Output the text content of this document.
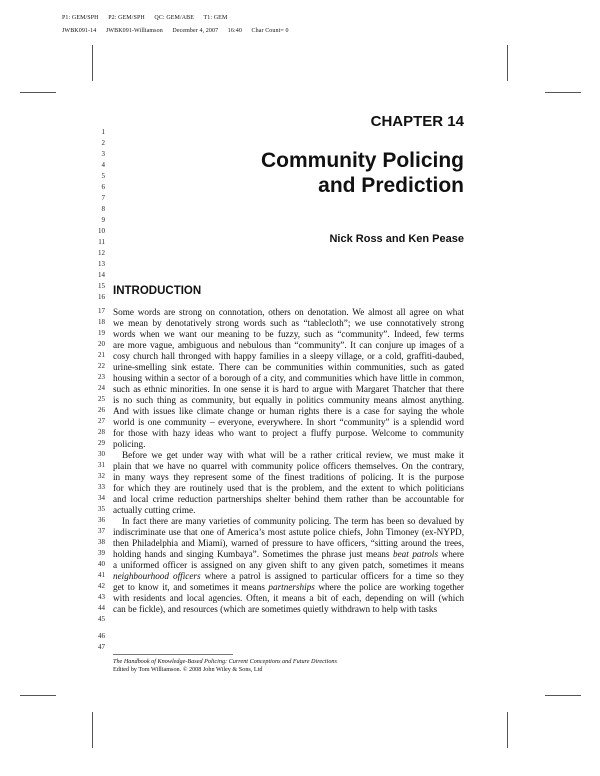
P1: GEM/SPH      P2: GEM/SPH      QC: GEM/ABE      T1: GEM
JWBK091-14      JWBK091-Williamson      December 4, 2007      16:40      Char Count= 0
1
2
3
4
5
6
7
8
9
10
11
12
13
14
15
16
17
18
19
20
21
22
23
24
25
26
27
28
29
30
31
32
33
34
35
36
37
38
39
40
41
42
43
44
45
46
47
CHAPTER 14
Community Policing
and Prediction
Nick Ross and Ken Pease
INTRODUCTION
Some words are strong on connotation, others on denotation. We almost all agree on what
we mean by denotatively strong words such as “tablecloth”; we use connotatively strong
words when we want our meaning to be fuzzy, such as “community”. Indeed, few terms
are more vague, ambiguous and nebulous than “community”. It can conjure up images of a
cosy church hall thronged with happy families in a sleepy village, or a cold, graffiti-daubed,
urine-smelling sink estate. There can be communities within communities, such as gated
housing within a sector of a borough of a city, and communities which have little in common,
such as ethnic minorities. In one sense it is hard to argue with Margaret Thatcher that there
is no such thing as community, but equally in politics community means almost anything.
And with issues like climate change or human rights there is a case for saying the whole
world is one community – everyone, everywhere. In short “community” is a splendid word
for those with hazy ideas who want to project a fluffy purpose. Welcome to community
policing.
Before we get under way with what will be a rather critical review, we must make it
plain that we have no quarrel with community police officers themselves. On the contrary,
in many ways they represent some of the finest traditions of policing. It is the purpose
for which they are routinely used that is the problem, and the extent to which politicians
and local crime reduction partnerships shelter behind them rather than be accountable for
actually cutting crime.
In fact there are many varieties of community policing. The term has been so devalued by
indiscriminate use that one of America’s most astute police chiefs, John Timoney (ex-NYPD,
then Philadelphia and Miami), warned of pressure to have officers, “sitting around the trees,
holding hands and singing Kumbaya”. Sometimes the phrase just means beat patrols where
a uniformed officer is assigned on any given shift to any given patch, sometimes it means
neighbourhood officers where a patrol is assigned to particular officers for a time so they
get to know it, and sometimes it means partnerships where the police are working together
with residents and local agencies. Often, it means a bit of each, depending on will (which
can be fickle), and resources (which are sometimes quietly withdrawn to help with tasks
The Handbook of Knowledge-Based Policing: Current Conceptions and Future Directions
Edited by Tom Williamson. © 2008 John Wiley & Sons, Ltd
